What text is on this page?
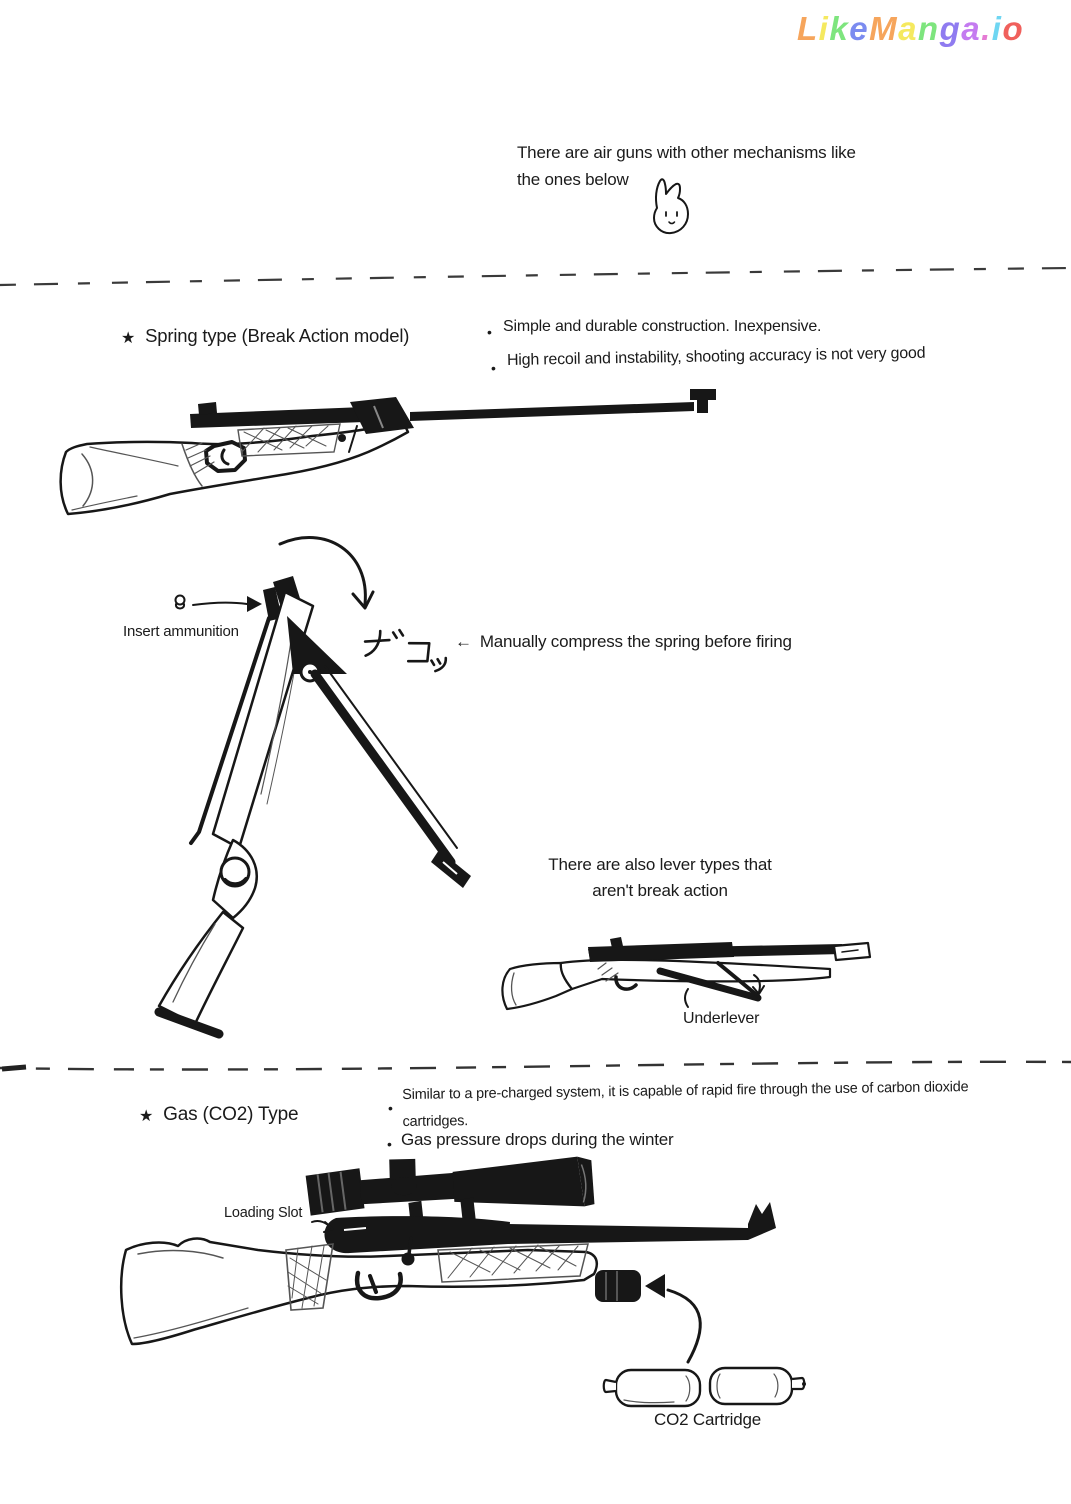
LikeManga.io
There are air guns with other mechanisms like
the ones below
★ Spring type (Break Action model)	• Simple and durable construction. Inexpensive.
• High recoil and instability, shooting accuracy is not very good
Insert ammunition
← Manually compress the spring before firing
There are also lever types that
aren't break action
Underlever
★ Gas (CO2) Type	•
Similar to a pre-charged system, it is capable of rapid fire through the use of carbon dioxide cartridges.
• Gas pressure drops during the winter
Loading Slot
CO2 Cartridge
